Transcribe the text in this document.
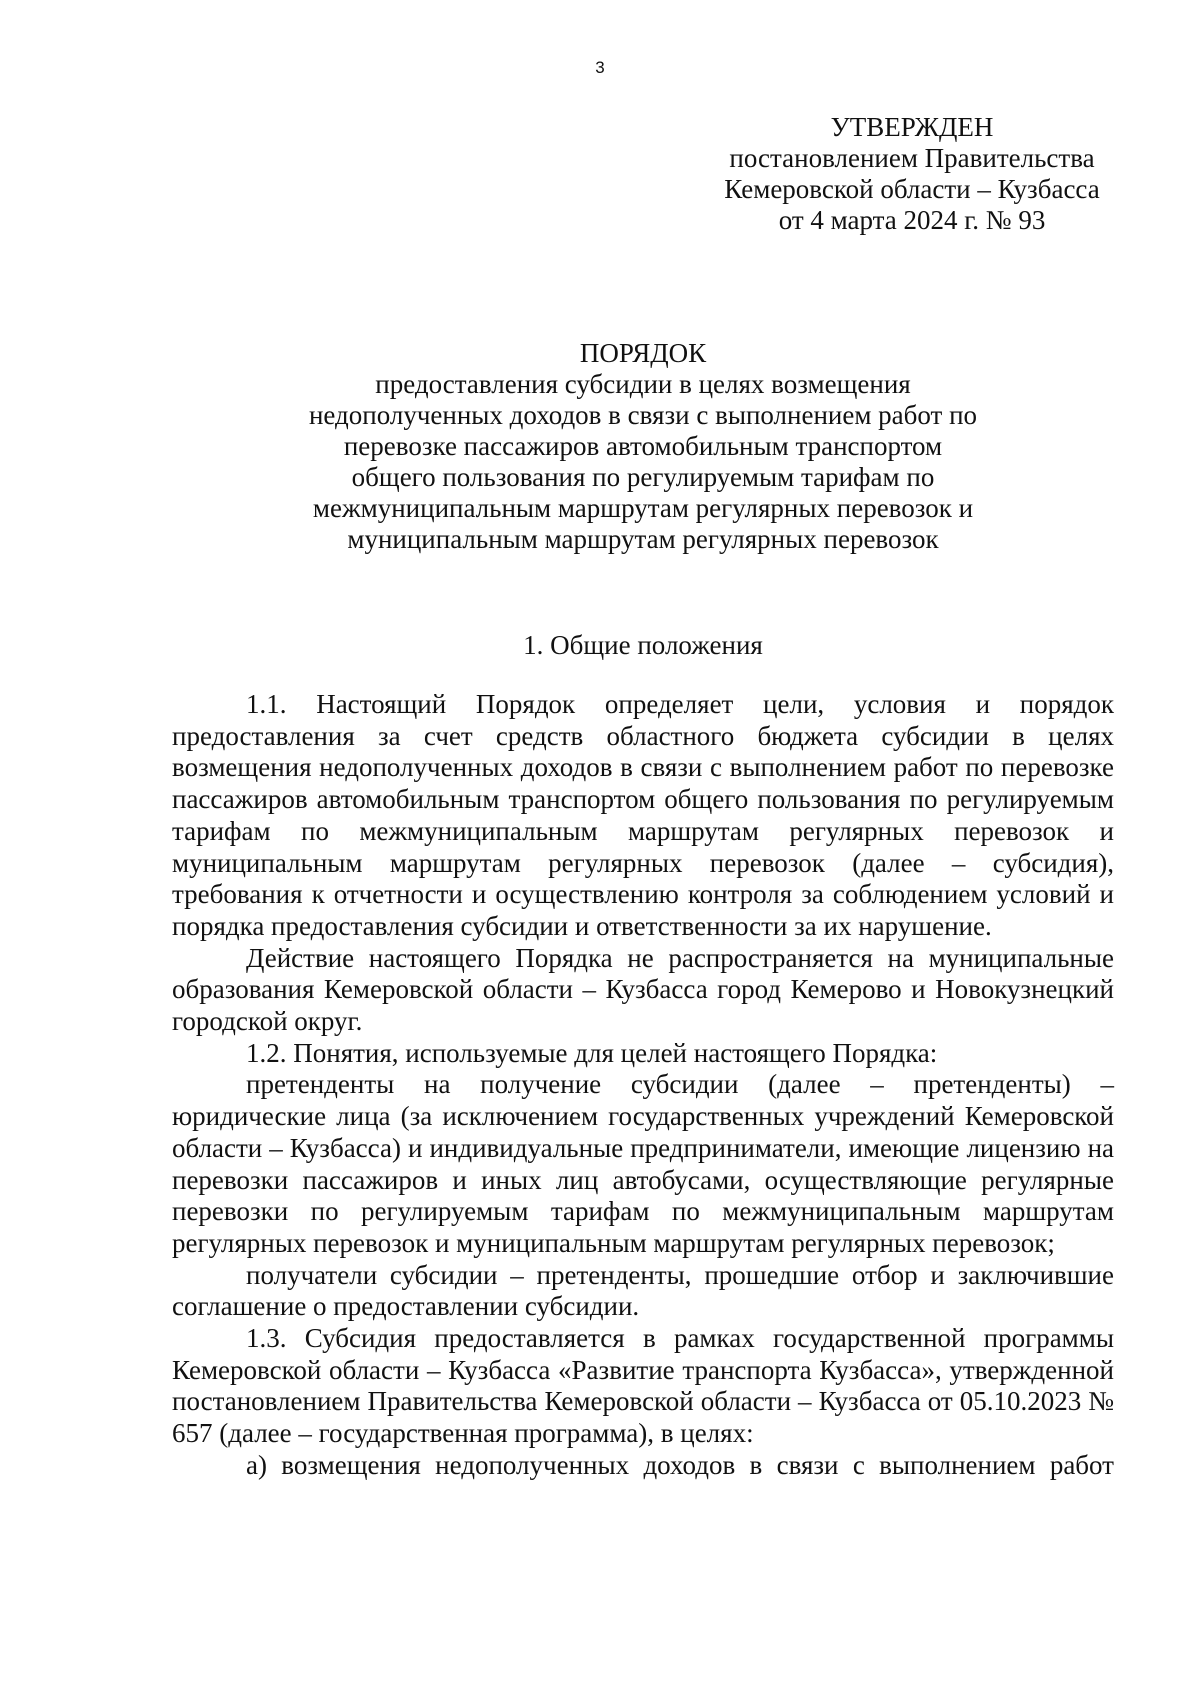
3
УТВЕРЖДЕН
постановлением Правительства
Кемеровской области – Кузбасса
от 4 марта 2024 г. № 93
ПОРЯДОК
предоставления субсидии в целях возмещения
недополученных доходов в связи с выполнением работ по
перевозке пассажиров автомобильным транспортом
общего пользования по регулируемым тарифам по
межмуниципальным маршрутам регулярных перевозок и
муниципальным маршрутам регулярных перевозок
1. Общие положения

1.1. Настоящий Порядок определяет цели, условия и порядок предоставления за счет средств областного бюджета субсидии в целях возмещения недополученных доходов в связи с выполнением работ по перевозке пассажиров автомобильным транспортом общего пользования по регулируемым тарифам по межмуниципальным маршрутам регулярных перевозок и муниципальным маршрутам регулярных перевозок (далее – субсидия), требования к отчетности и осуществлению контроля за соблюдением условий и порядка предоставления субсидии и ответственности за их нарушение.

Действие настоящего Порядка не распространяется на муниципальные образования Кемеровской области – Кузбасса город Кемерово и Новокузнецкий городской округ.

1.2. Понятия, используемые для целей настоящего Порядка:

претенденты на получение субсидии (далее – претенденты) – юридические лица (за исключением государственных учреждений Кемеровской области – Кузбасса) и индивидуальные предприниматели, имеющие лицензию на перевозки пассажиров и иных лиц автобусами, осуществляющие регулярные перевозки по регулируемым тарифам по межмуниципальным маршрутам регулярных перевозок и муниципальным маршрутам регулярных перевозок;

получатели субсидии – претенденты, прошедшие отбор и заключившие соглашение о предоставлении субсидии.

1.3. Субсидия предоставляется в рамках государственной программы Кемеровской области – Кузбасса «Развитие транспорта Кузбасса», утвержденной постановлением Правительства Кемеровской области – Кузбасса от 05.10.2023 № 657 (далее – государственная программа), в целях:

а) возмещения недополученных доходов в связи с выполнением работ
